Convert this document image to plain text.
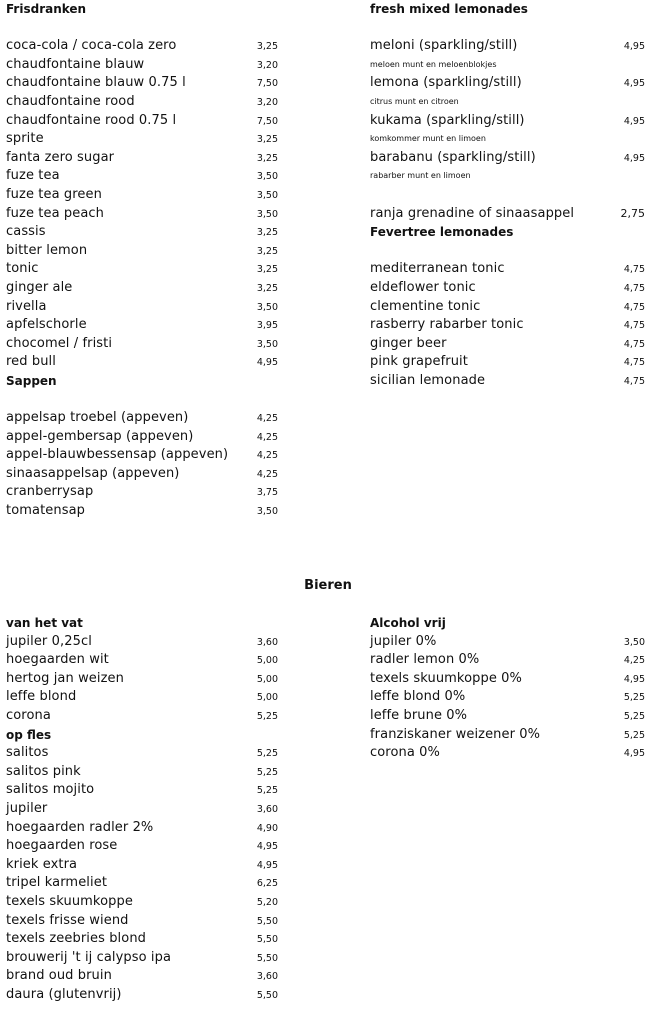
Frisdranken
coca-cola / coca-cola zero	3,25
chaudfontaine blauw	3,20
chaudfontaine blauw 0.75 l	7,50
chaudfontaine rood	3,20
chaudfontaine rood 0.75 l	7,50
sprite	3,25
fanta zero sugar	3,25
fuze tea	3,50
fuze tea green	3,50
fuze tea peach	3,50
cassis	3,25
bitter lemon	3,25
tonic	3,25
ginger ale	3,25
rivella	3,50
apfelschorle	3,95
chocomel / fristi	3,50
red bull	4,95
Sappen
appelsap troebel (appeven)	4,25
appel-gembersap (appeven)	4,25
appel-blauwbessensap (appeven)	4,25
sinaasappelsap (appeven)	4,25
cranberrysap	3,75
tomatensap	3,50
fresh mixed lemonades
meloni (sparkling/still)	4,95
meloen munt en meloenblokjes
lemona (sparkling/still)	4,95
citrus munt en citroen
kukama (sparkling/still)	4,95
komkommer munt en limoen
barabanu (sparkling/still)	4,95
rabarber munt en limoen
ranja grenadine of sinaasappel	2,75
Fevertree lemonades
mediterranean tonic	4,75
eldeflower tonic	4,75
clementine tonic	4,75
rasberry rabarber tonic	4,75
ginger beer	4,75
pink grapefruit	4,75
sicilian lemonade	4,75
Bieren
van het vat
jupiler 0,25cl	3,60
hoegaarden wit	5,00
hertog jan weizen	5,00
leffe blond	5,00
corona	5,25
op fles
salitos	5,25
salitos pink	5,25
salitos mojito	5,25
jupiler	3,60
hoegaarden radler 2%	4,90
hoegaarden rose	4,95
kriek extra	4,95
tripel karmeliet	6,25
texels skuumkoppe	5,20
texels frisse wiend	5,50
texels zeebries blond	5,50
brouwerij 't ij calypso ipa	5,50
brand oud bruin	3,60
daura (glutenvrij)	5,50
Alcohol vrij
jupiler 0%	3,50
radler lemon 0%	4,25
texels skuumkoppe 0%	4,95
leffe blond 0%	5,25
leffe brune 0%	5,25
franziskaner weizener 0%	5,25
corona 0%	4,95
